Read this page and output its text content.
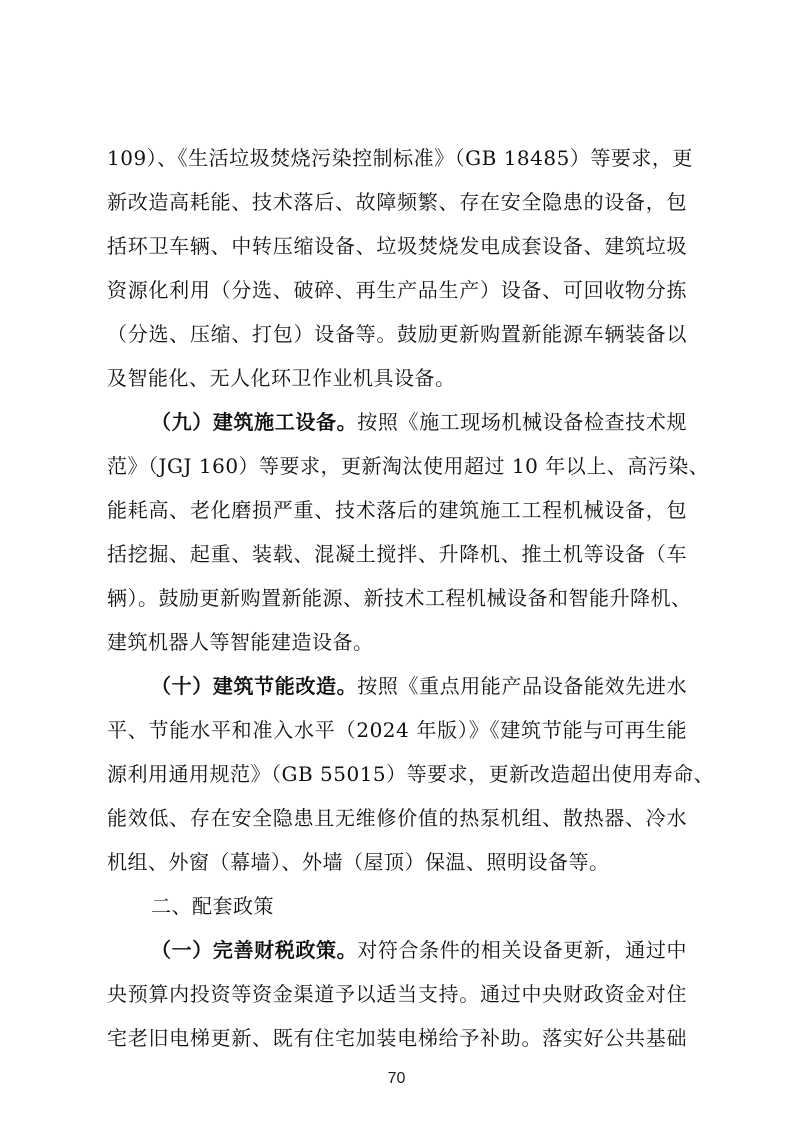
109）、《生活垃圾焚烧污染控制标准》（GB 18485）等要求，更
新改造高耗能、技术落后、故障频繁、存在安全隐患的设备，包
括环卫车辆、中转压缩设备、垃圾焚烧发电成套设备、建筑垃圾
资源化利用（分选、破碎、再生产品生产）设备、可回收物分拣
（分选、压缩、打包）设备等。鼓励更新购置新能源车辆装备以
及智能化、无人化环卫作业机具设备。
（九）建筑施工设备。按照《施工现场机械设备检查技术规
范》（JGJ 160）等要求，更新淘汰使用超过 10 年以上、高污染、
能耗高、老化磨损严重、技术落后的建筑施工工程机械设备，包
括挖掘、起重、装载、混凝土搅拌、升降机、推土机等设备（车
辆）。鼓励更新购置新能源、新技术工程机械设备和智能升降机、
建筑机器人等智能建造设备。
（十）建筑节能改造。按照《重点用能产品设备能效先进水
平、节能水平和准入水平（2024 年版）》《建筑节能与可再生能
源利用通用规范》（GB 55015）等要求，更新改造超出使用寿命、
能效低、存在安全隐患且无维修价值的热泵机组、散热器、冷水
机组、外窗（幕墙）、外墙（屋顶）保温、照明设备等。
二、配套政策
（一）完善财税政策。对符合条件的相关设备更新，通过中
央预算内投资等资金渠道予以适当支持。通过中央财政资金对住
宅老旧电梯更新、既有住宅加装电梯给予补助。落实好公共基础
70
